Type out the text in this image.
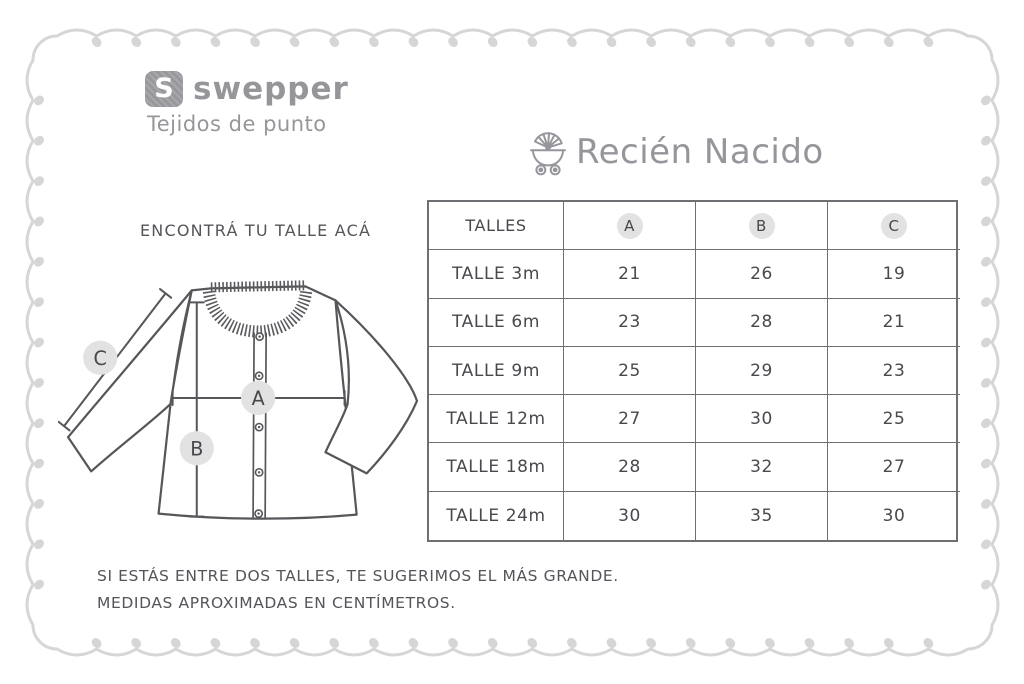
S swepper
Tejidos de punto
Recién Nacido
ENCONTRÁ TU TALLE ACÁ
A
B
C
TALLES	A	B	C
TALLE 3m	21	26	19
TALLE 6m	23	28	21
TALLE 9m	25	29	23
TALLE 12m	27	30	25
TALLE 18m	28	32	27
TALLE 24m	30	35	30
SI ESTÁS ENTRE DOS TALLES, TE SUGERIMOS EL MÁS GRANDE.
MEDIDAS APROXIMADAS EN CENTÍMETROS.
